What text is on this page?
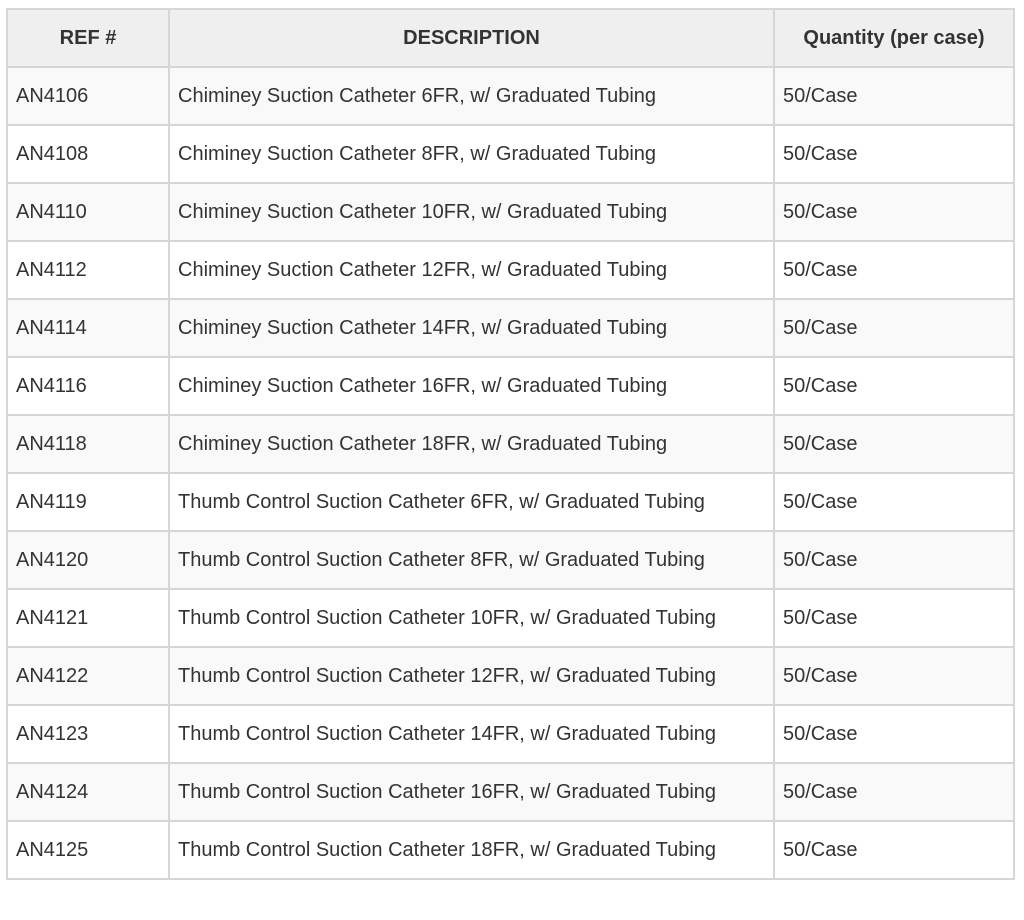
REF #	DESCRIPTION	Quantity (per case)
AN4106	Chiminey Suction Catheter 6FR, w/ Graduated Tubing	50/Case
AN4108	Chiminey Suction Catheter 8FR, w/ Graduated Tubing	50/Case
AN4110	Chiminey Suction Catheter 10FR, w/ Graduated Tubing	50/Case
AN4112	Chiminey Suction Catheter 12FR, w/ Graduated Tubing	50/Case
AN4114	Chiminey Suction Catheter 14FR, w/ Graduated Tubing	50/Case
AN4116	Chiminey Suction Catheter 16FR, w/ Graduated Tubing	50/Case
AN4118	Chiminey Suction Catheter 18FR, w/ Graduated Tubing	50/Case
AN4119	Thumb Control Suction Catheter 6FR, w/ Graduated Tubing	50/Case
AN4120	Thumb Control Suction Catheter 8FR, w/ Graduated Tubing	50/Case
AN4121	Thumb Control Suction Catheter 10FR, w/ Graduated Tubing	50/Case
AN4122	Thumb Control Suction Catheter 12FR, w/ Graduated Tubing	50/Case
AN4123	Thumb Control Suction Catheter 14FR, w/ Graduated Tubing	50/Case
AN4124	Thumb Control Suction Catheter 16FR, w/ Graduated Tubing	50/Case
AN4125	Thumb Control Suction Catheter 18FR, w/ Graduated Tubing	50/Case
